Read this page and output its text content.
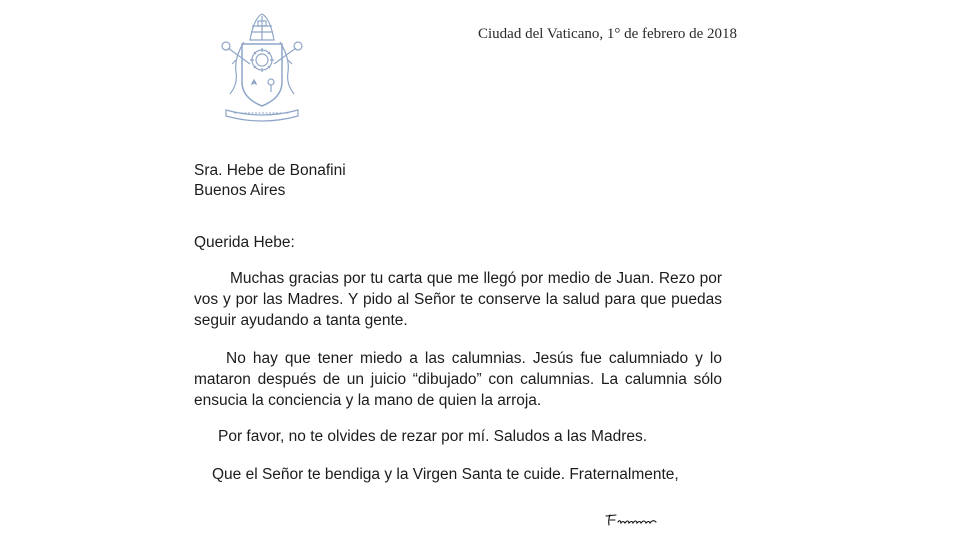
Ciudad del Vaticano, 1° de febrero de 2018
Sra. Hebe de Bonafini
Buenos Aires
Querida Hebe:
Muchas gracias por tu carta que me llegó por medio de Juan. Rezo por vos y por las Madres. Y pido al Señor te conserve la salud para que puedas seguir ayudando a tanta gente.
No hay que tener miedo a las calumnias. Jesús fue calumniado y lo mataron después de un juicio “dibujado” con calumnias. La calumnia sólo ensucia la conciencia y la mano de quien la arroja.
Por favor, no te olvides de rezar por mí. Saludos a las Madres.
Que el Señor te bendiga y la Virgen Santa te cuide. Fraternalmente,
